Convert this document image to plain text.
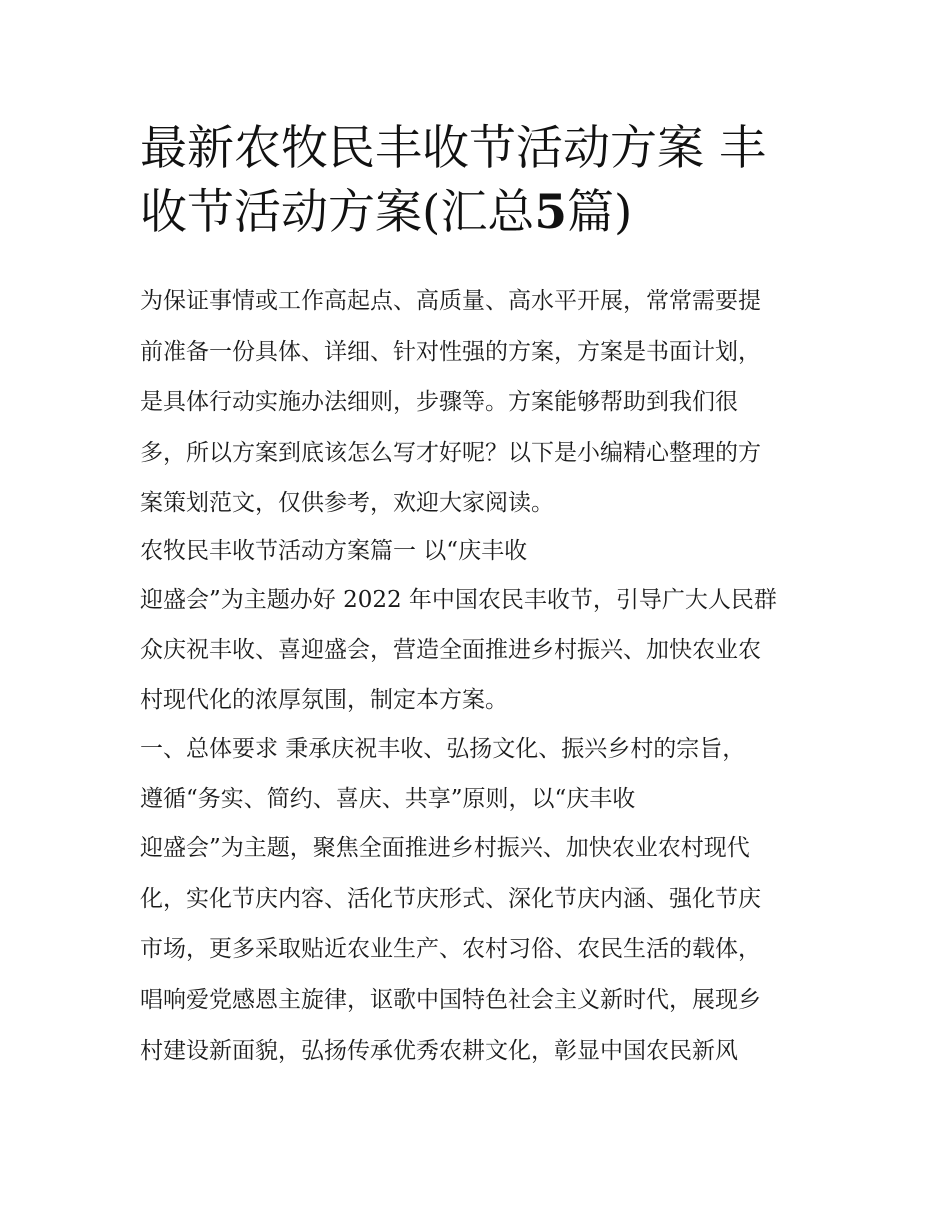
最新农牧民丰收节活动方案 丰
收节活动方案(汇总5篇)
为保证事情或工作高起点、高质量、高水平开展，常常需要提
前准备一份具体、详细、针对性强的方案，方案是书面计划，
是具体行动实施办法细则，步骤等。方案能够帮助到我们很
多，所以方案到底该怎么写才好呢？以下是小编精心整理的方
案策划范文，仅供参考，欢迎大家阅读。
农牧民丰收节活动方案篇一 以“庆丰收
迎盛会”为主题办好 2022 年中国农民丰收节，引导广大人民群
众庆祝丰收、喜迎盛会，营造全面推进乡村振兴、加快农业农
村现代化的浓厚氛围，制定本方案。
一、总体要求 秉承庆祝丰收、弘扬文化、振兴乡村的宗旨，
遵循“务实、简约、喜庆、共享”原则，以“庆丰收
迎盛会”为主题，聚焦全面推进乡村振兴、加快农业农村现代
化，实化节庆内容、活化节庆形式、深化节庆内涵、强化节庆
市场，更多采取贴近农业生产、农村习俗、农民生活的载体，
唱响爱党感恩主旋律，讴歌中国特色社会主义新时代，展现乡
村建设新面貌，弘扬传承优秀农耕文化，彰显中国农民新风
